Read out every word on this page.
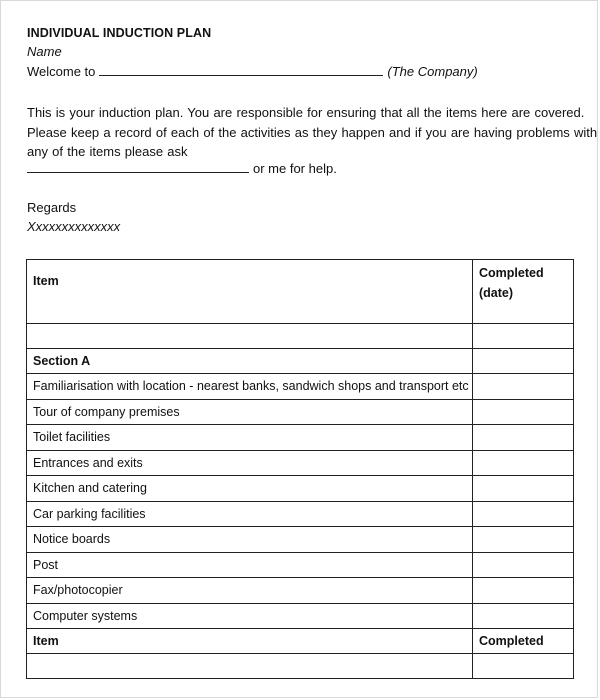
INDIVIDUAL INDUCTION PLAN
Name
Welcome to	(The Company)
This is your induction plan. You are responsible for ensuring that all the items here are covered.
Please keep a record of each of the activities as they happen and if you are having problems with
any of the items please ask
or me for help.
Regards
Xxxxxxxxxxxxxx
Item	Completed
(date)

Section A	
Familiarisation with location - nearest banks, sandwich shops and transport etc	
Tour of company premises	
Toilet facilities	
Entrances and exits	
Kitchen and catering	
Car parking facilities	
Notice boards	
Post	
Fax/photocopier	
Computer systems	
Item	Completed
